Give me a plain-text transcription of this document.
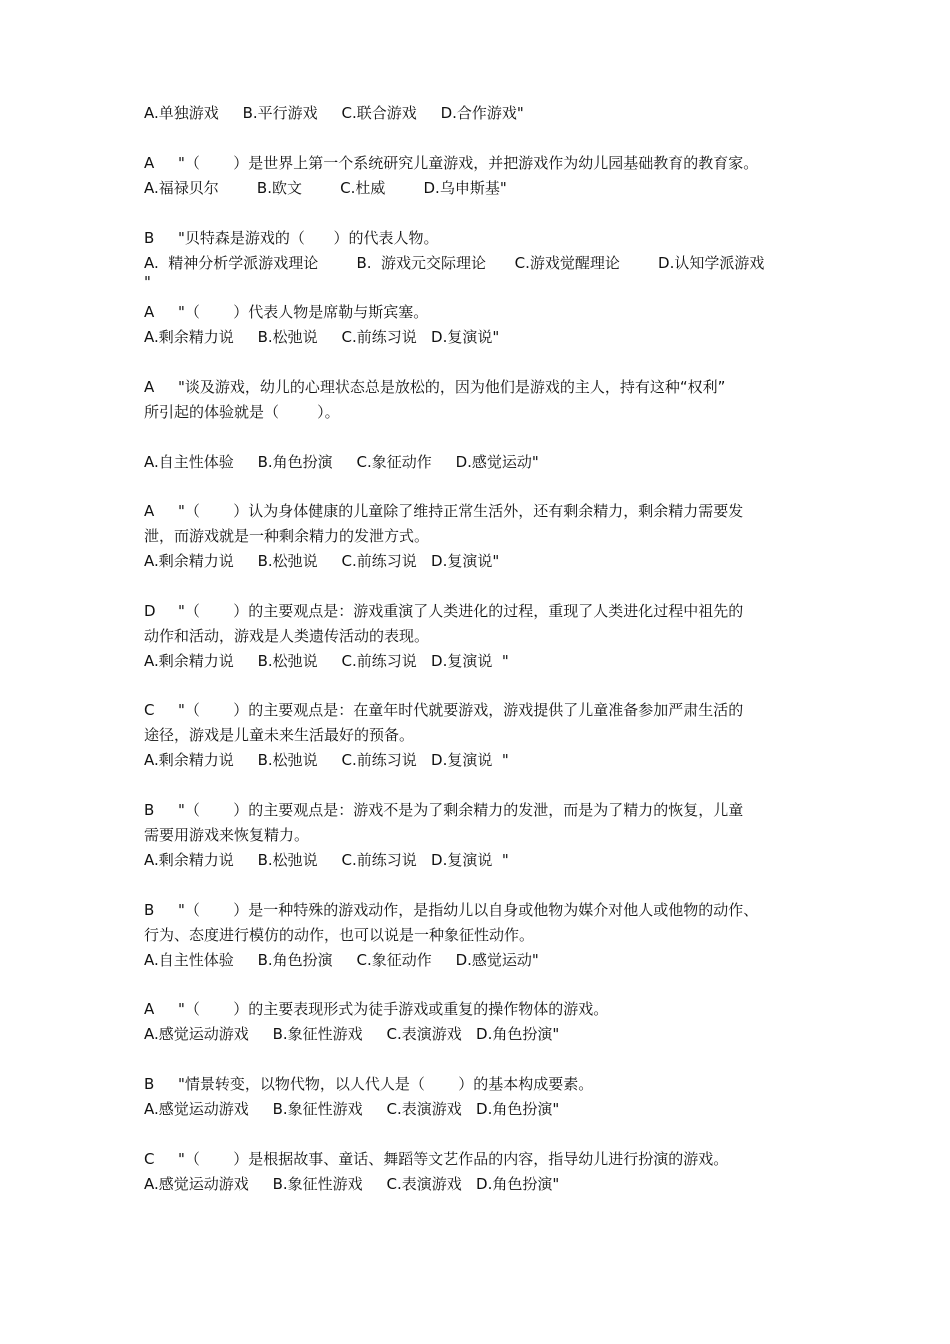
A.单独游戏     B.平行游戏     C.联合游戏     D.合作游戏"
A "（       ）是世界上第一个系统研究儿童游戏，并把游戏作为幼儿园基础教育的教育家。
A.福禄贝尔        B.欧文        C.杜威        D.乌申斯基"
B "贝特森是游戏的（      ）的代表人物。
A.  精神分析学派游戏理论        B.  游戏元交际理论      C.游戏觉醒理论        D.认知学派游戏
"
A "（       ）代表人物是席勒与斯宾塞。
A.剩余精力说     B.松弛说     C.前练习说   D.复演说"
A "谈及游戏，幼儿的心理状态总是放松的，因为他们是游戏的主人，持有这种“权利”
所引起的体验就是（        ）。
A.自主性体验     B.角色扮演     C.象征动作     D.感觉运动"
A "（       ）认为身体健康的儿童除了维持正常生活外，还有剩余精力，剩余精力需要发
泄，而游戏就是一种剩余精力的发泄方式。
A.剩余精力说     B.松弛说     C.前练习说   D.复演说"
D "（       ）的主要观点是：游戏重演了人类进化的过程，重现了人类进化过程中祖先的
动作和活动，游戏是人类遗传活动的表现。
A.剩余精力说     B.松弛说     C.前练习说   D.复演说  "
C "（       ）的主要观点是：在童年时代就要游戏，游戏提供了儿童准备参加严肃生活的
途径，游戏是儿童未来生活最好的预备。
A.剩余精力说     B.松弛说     C.前练习说   D.复演说  "
B "（       ）的主要观点是：游戏不是为了剩余精力的发泄，而是为了精力的恢复，儿童
需要用游戏来恢复精力。
A.剩余精力说     B.松弛说     C.前练习说   D.复演说  "
B "（       ）是一种特殊的游戏动作，是指幼儿以自身或他物为媒介对他人或他物的动作、
行为、态度进行模仿的动作，也可以说是一种象征性动作。
A.自主性体验     B.角色扮演     C.象征动作     D.感觉运动"
A "（       ）的主要表现形式为徒手游戏或重复的操作物体的游戏。
A.感觉运动游戏     B.象征性游戏     C.表演游戏   D.角色扮演"
B "情景转变，以物代物，以人代人是（       ）的基本构成要素。
A.感觉运动游戏     B.象征性游戏     C.表演游戏   D.角色扮演"
C "（       ）是根据故事、童话、舞蹈等文艺作品的内容，指导幼儿进行扮演的游戏。
A.感觉运动游戏     B.象征性游戏     C.表演游戏   D.角色扮演"
